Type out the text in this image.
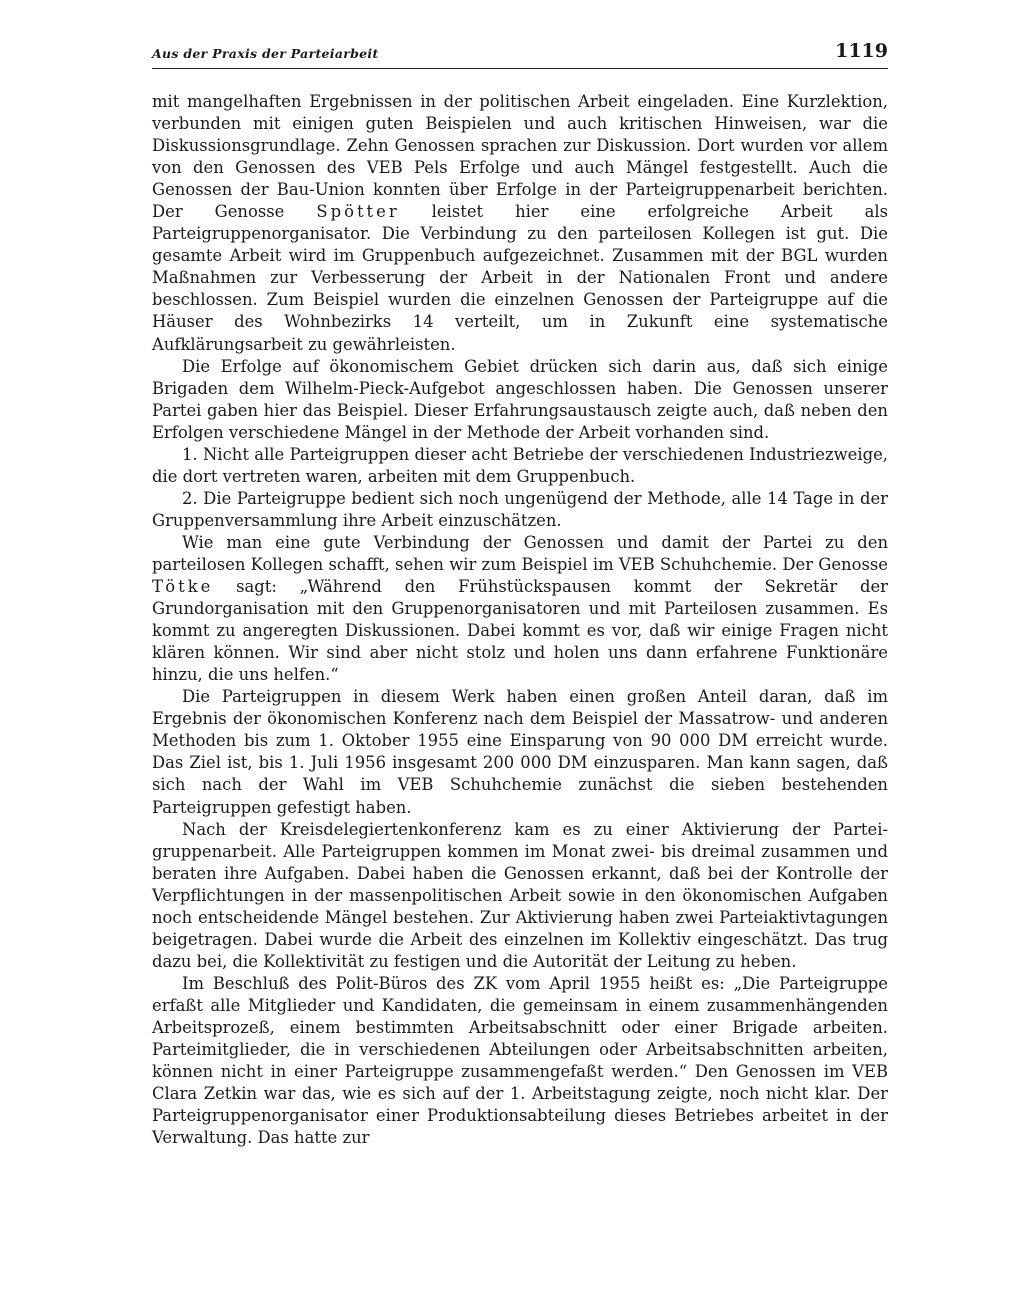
Aus der Praxis der Parteiarbeit	1119

mit mangelhaften Ergebnissen in der politischen Arbeit eingeladen. Eine Kurzlektion, verbunden mit einigen guten Beispielen und auch kritischen Hinweisen, war die Diskussionsgrundlage. Zehn Genossen sprachen zur Diskussion. Dort wurden vor allem von den Genossen des VEB Pels Erfolge und auch Mängel festgestellt. Auch die Genossen der Bau-Union konnten über Erfolge in der Parteigruppenarbeit berichten. Der Genosse Spötter leistet hier eine erfolgreiche Arbeit als Parteigruppenorganisator. Die Verbindung zu den parteilosen Kollegen ist gut. Die gesamte Arbeit wird im Gruppenbuch aufgezeichnet. Zusammen mit der BGL wurden Maßnahmen zur Verbesserung der Arbeit in der Nationalen Front und andere beschlossen. Zum Beispiel wurden die einzelnen Genossen der Parteigruppe auf die Häuser des Wohnbezirks 14 verteilt, um in Zukunft eine systematische Aufklärungsarbeit zu gewährleisten.

Die Erfolge auf ökonomischem Gebiet drücken sich darin aus, daß sich einige Brigaden dem Wilhelm-Pieck-Aufgebot angeschlossen haben. Die Genossen unserer Partei gaben hier das Beispiel. Dieser Erfahrungsaustausch zeigte auch, daß neben den Erfolgen verschiedene Mängel in der Methode der Arbeit vorhanden sind.

1. Nicht alle Parteigruppen dieser acht Betriebe der verschiedenen Industriezweige, die dort vertreten waren, arbeiten mit dem Gruppenbuch.

2. Die Parteigruppe bedient sich noch ungenügend der Methode, alle 14 Tage in der Gruppenversammlung ihre Arbeit einzuschätzen.

Wie man eine gute Verbindung der Genossen und damit der Partei zu den parteilosen Kollegen schafft, sehen wir zum Beispiel im VEB Schuhchemie. Der Genosse Tötke sagt: „Während den Frühstückspausen kommt der Sekretär der Grundorganisation mit den Gruppenorganisatoren und mit Parteilosen zusammen. Es kommt zu angeregten Diskussionen. Dabei kommt es vor, daß wir einige Fragen nicht klären können. Wir sind aber nicht stolz und holen uns dann erfahrene Funktionäre hinzu, die uns helfen.“

Die Parteigruppen in diesem Werk haben einen großen Anteil daran, daß im Ergebnis der ökonomischen Konferenz nach dem Beispiel der Massatrow- und anderen Methoden bis zum 1. Oktober 1955 eine Einsparung von 90 000 DM erreicht wurde. Das Ziel ist, bis 1. Juli 1956 insgesamt 200 000 DM einzusparen. Man kann sagen, daß sich nach der Wahl im VEB Schuhchemie zunächst die sieben bestehenden Parteigruppen gefestigt haben.

Nach der Kreisdelegiertenkonferenz kam es zu einer Aktivierung der Parteigruppenarbeit. Alle Parteigruppen kommen im Monat zwei- bis dreimal zusammen und beraten ihre Aufgaben. Dabei haben die Genossen erkannt, daß bei der Kontrolle der Verpflichtungen in der massenpolitischen Arbeit sowie in den ökonomischen Aufgaben noch entscheidende Mängel bestehen. Zur Aktivierung haben zwei Parteiaktivtagungen beigetragen. Dabei wurde die Arbeit des einzelnen im Kollektiv eingeschätzt. Das trug dazu bei, die Kollektivität zu festigen und die Autorität der Leitung zu heben.

Im Beschluß des Polit-Büros des ZK vom April 1955 heißt es: „Die Parteigruppe erfaßt alle Mitglieder und Kandidaten, die gemeinsam in einem zusammenhängenden Arbeitsprozeß, einem bestimmten Arbeitsabschnitt oder einer Brigade arbeiten. Parteimitglieder, die in verschiedenen Abteilungen oder Arbeitsabschnitten arbeiten, können nicht in einer Parteigruppe zusammengefaßt werden.“ Den Genossen im VEB Clara Zetkin war das, wie es sich auf der 1. Arbeitstagung zeigte, noch nicht klar. Der Parteigruppenorganisator einer Produktionsabteilung dieses Betriebes arbeitet in der Verwaltung. Das hatte zur
